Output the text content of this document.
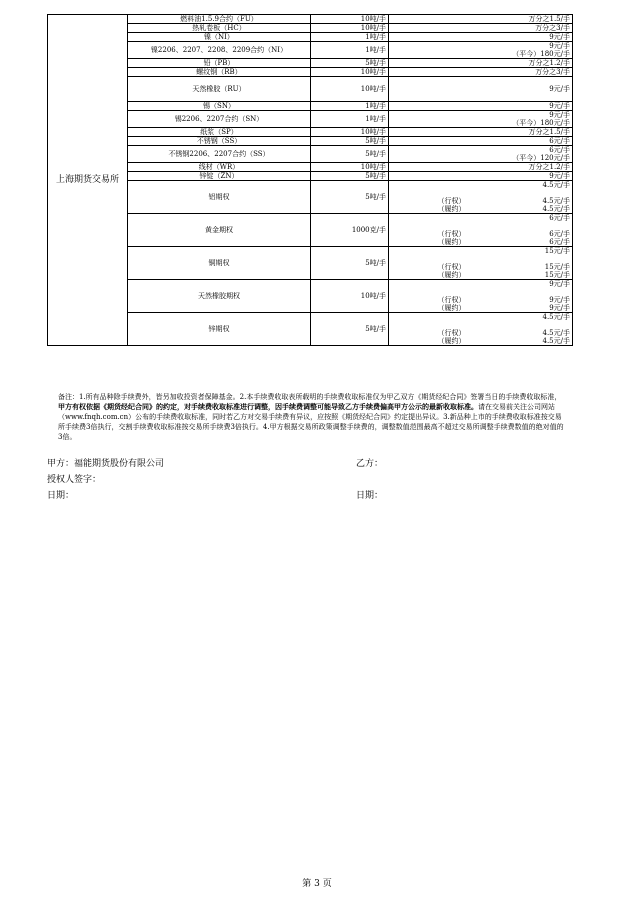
上海期货交易所	燃料油1.5.9合约（FU）	10吨/手	万分之1.5/手

	热轧卷板（HC）	10吨/手	万分之3/手

	镍（NI）	1吨/手	9元/手

	镍2206、2207、2208、2209合约（NI）	1吨/手	9元/手
（平今）180元/手

	铅（PB）	5吨/手	万分之1.2/手

	螺纹钢（RB）	10吨/手	万分之3/手

	天然橡胶（RU）	10吨/手	9元/手

	锡（SN）	1吨/手	9元/手

	锡2206、2207合约（SN）	1吨/手	9元/手
（平今）180元/手

	纸浆（SP）	10吨/手	万分之1.5/手

	不锈钢（SS）	5吨/手	6元/手

	不锈钢2206、2207合约（SS）	5吨/手	6元/手
（平今）120元/手

	线材（WR）	10吨/手	万分之1.2/手

	锌锭（ZN）	5吨/手	9元/手

	铝期权	5吨/手	4.5元/手
（行权） 4.5元/手
（履约） 4.5元/手

	黄金期权	1000克/手	6元/手
（行权） 6元/手
（履约） 6元/手

	铜期权	5吨/手	15元/手
（行权） 15元/手
（履约） 15元/手

	天然橡胶期权	10吨/手	9元/手
（行权） 9元/手
（履约） 9元/手

	锌期权	5吨/手	4.5元/手
（行权） 4.5元/手
（履约） 4.5元/手
备注：1.所有品种除手续费外，皆另加收投资者保障基金。2.本手续费收取表所载明的手续费收取标准仅为甲乙双方《期货经纪合同》签署当日的手续费收取标准，甲方有权依据《期货经纪合同》的约定，对手续费收取标准进行调整，因手续费调整可能导致乙方手续费偏高甲方公示的最新收取标准。请在交易前关注公司网站（www.fnqh.com.cn）公布的手续费收取标准，同时若乙方对交易手续费有异议，应按照《期货经纪合同》约定提出异议。3.新品种上市的手续费收取标准按交易所手续费3倍执行，交割手续费收取标准按交易所手续费3倍执行。4.甲方根据交易所政策调整手续费的，调整数值范围最高不超过交易所调整手续费数值的绝对值的3倍。
甲方：福能期货股份有限公司
授权人签字：
日期：
乙方：
日期：
第 3 页
